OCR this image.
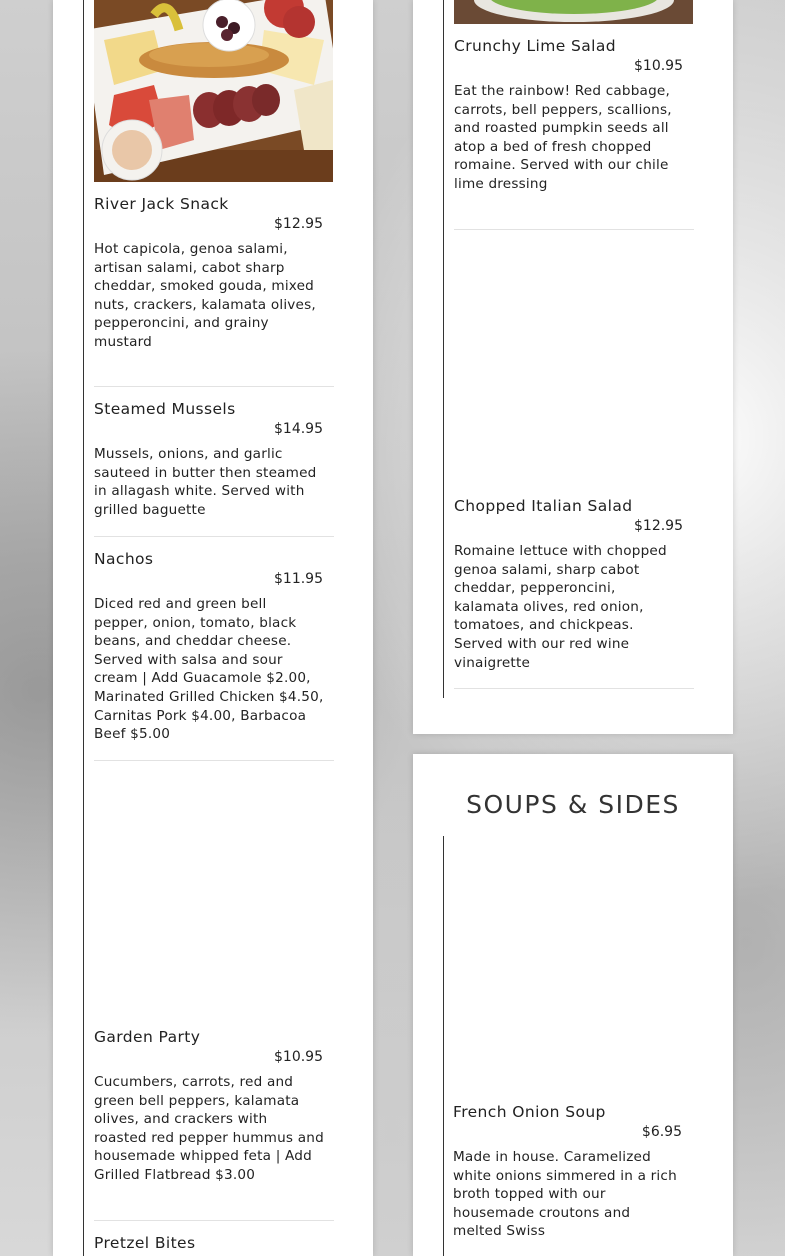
River Jack Snack
$12.95
Hot capicola, genoa salami, artisan salami, cabot sharp cheddar, smoked gouda, mixed nuts, crackers, kalamata olives, pepperoncini, and grainy mustard
Steamed Mussels
$14.95
Mussels, onions, and garlic sauteed in butter then steamed in allagash white. Served with grilled baguette
Nachos
$11.95
Diced red and green bell pepper, onion, tomato, black beans, and cheddar cheese. Served with salsa and sour cream | Add Guacamole $2.00, Marinated Grilled Chicken $4.50, Carnitas Pork $4.00, Barbacoa Beef $5.00
Garden Party
$10.95
Cucumbers, carrots, red and green bell peppers, kalamata olives, and crackers with roasted red pepper hummus and housemade whipped feta | Add Grilled Flatbread $3.00
Pretzel Bites
Crunchy Lime Salad
$10.95
Eat the rainbow! Red cabbage, carrots, bell peppers, scallions, and roasted pumpkin seeds all atop a bed of fresh chopped romaine. Served with our chile lime dressing
Chopped Italian Salad
$12.95
Romaine lettuce with chopped genoa salami, sharp cabot cheddar, pepperoncini, kalamata olives, red onion, tomatoes, and chickpeas. Served with our red wine vinaigrette
SOUPS & SIDES
French Onion Soup
$6.95
Made in house. Caramelized white onions simmered in a rich broth topped with our housemade croutons and melted Swiss
